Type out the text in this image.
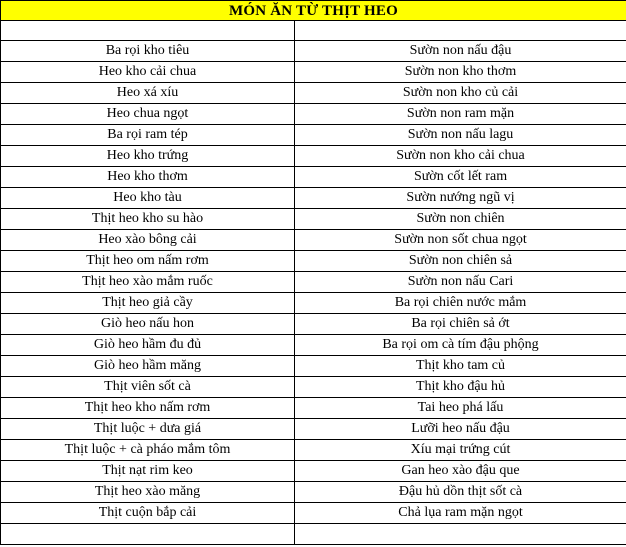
MÓN ĂN TỪ THỊT HEO	

Ba rọi kho tiêu	Sườn non nấu đậu
Heo kho cải chua	Sườn non kho thơm
Heo xá xíu	Sườn non kho củ cải
Heo chua ngọt	Sườn non ram mặn
Ba rọi ram tép	Sườn non nấu lagu
Heo kho trứng	Sườn non kho cải chua
Heo kho thơm	Sườn cốt lết ram
Heo kho tàu	Sườn nướng ngũ vị
Thịt heo kho su hào	Sườn non chiên
Heo xào bông cải	Sườn non sốt chua ngọt
Thịt heo om nấm rơm	Sườn non chiên sả
Thịt heo xào mắm ruốc	Sườn non nấu Cari
Thịt heo giả cầy	Ba rọi chiên nước mắm
Giò heo nấu hon	Ba rọi chiên sả ớt
Giò heo hầm đu đủ	Ba rọi om cà tím đậu phộng
Giò heo hầm măng	Thịt kho tam củ
Thịt viên sốt cà	Thịt kho đậu hủ
Thịt heo kho nấm rơm	Tai heo phá lấu
Thịt luộc + dưa giá	Lưỡi heo nấu đậu
Thịt luộc + cà pháo mắm tôm	Xíu mại trứng cút
Thịt nạt rim keo	Gan heo xào đậu que
Thịt heo xào măng	Đậu hủ dồn thịt sốt cà
Thịt cuộn bắp cải	Chả lụa ram mặn ngọt
